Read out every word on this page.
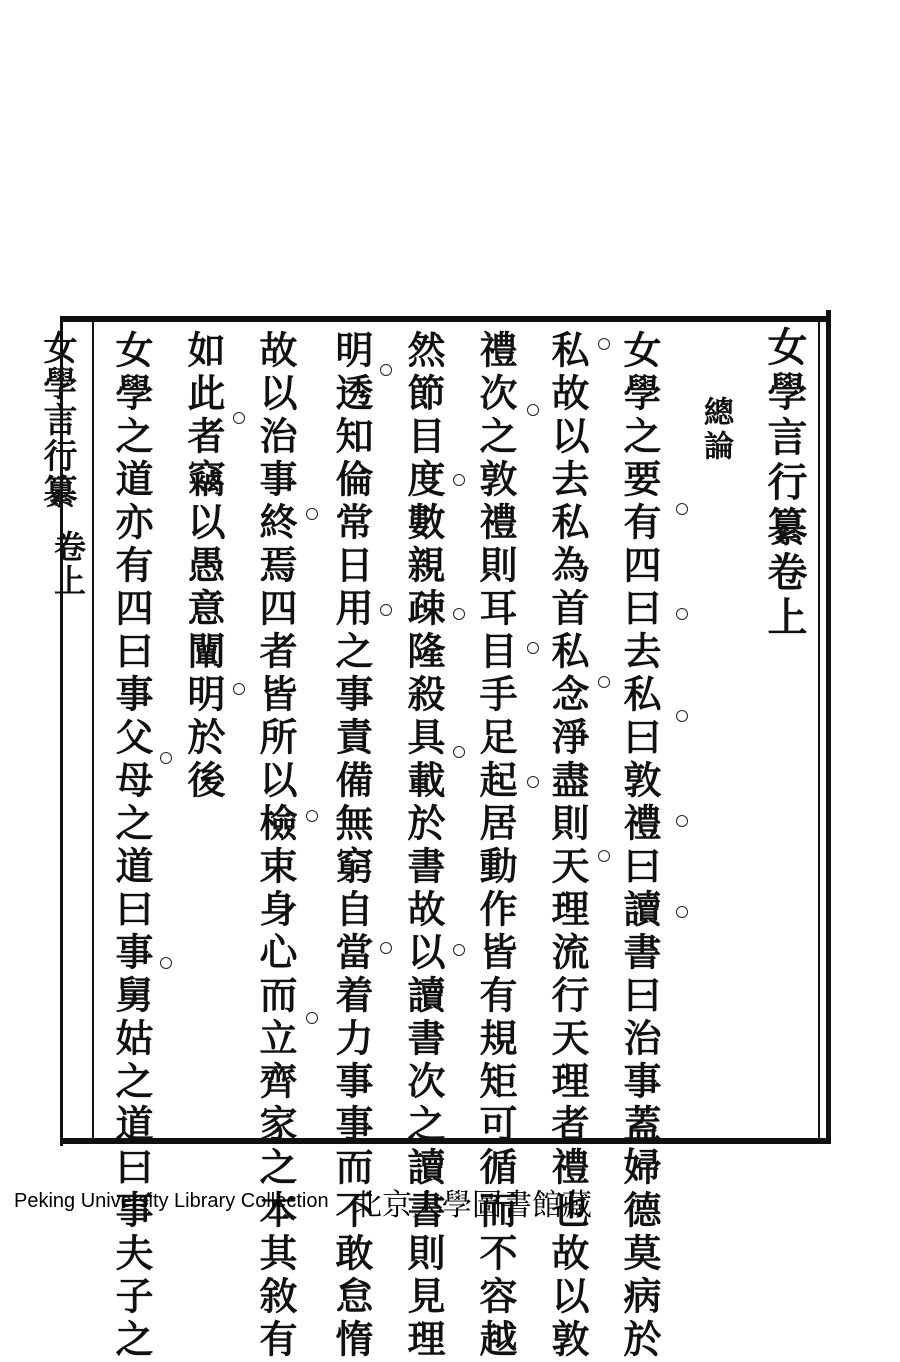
女學言行纂卷上
總論
女學之要有四曰去私曰敦禮曰讀書曰治事蓋婦德莫病於
私故以去私為首私念淨盡則天理流行天理者禮也故以敦
禮次之敦禮則耳目手足起居動作皆有規矩可循而不容越
然節目度數親疎隆殺具載於書故以讀書次之讀書則見理
明透知倫常日用之事責備無窮自當着力事事而不敢怠惰
故以治事終焉四者皆所以檢束身心而立齊家之本其敘有
如此者竊以愚意闡明於後
女學之道亦有四曰事父母之道曰事舅姑之道曰事夫子之
女學言行纂
卷上
Peking University Library Collection 北京大學圖書館藏
